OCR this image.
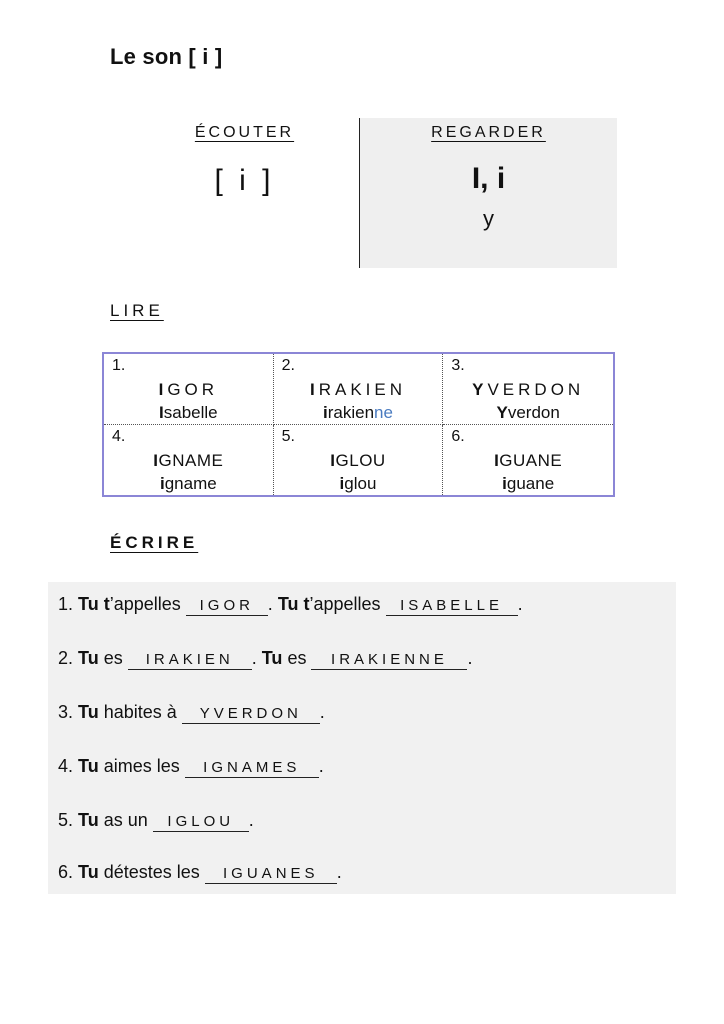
Le son [ i ]
ÉCOUTER
[ i ]
REGARDER
I, i
y
LIRE
1.
IGOR
Isabelle
2.
IRAKIEN
irakienne
3.
YVERDON
Yverdon
4.
IGNAME
igname
5.
IGLOU
iglou
6.
IGUANE
iguane
ÉCRIRE
1. Tu t’appelles IGOR . Tu t’appelles ISABELLE .
2. Tu es IRAKIEN . Tu es IRAKIENNE .
3. Tu habites à YVERDON .
4. Tu aimes les IGNAMES .
5. Tu as un IGLOU .
6. Tu détestes les IGUANES .
